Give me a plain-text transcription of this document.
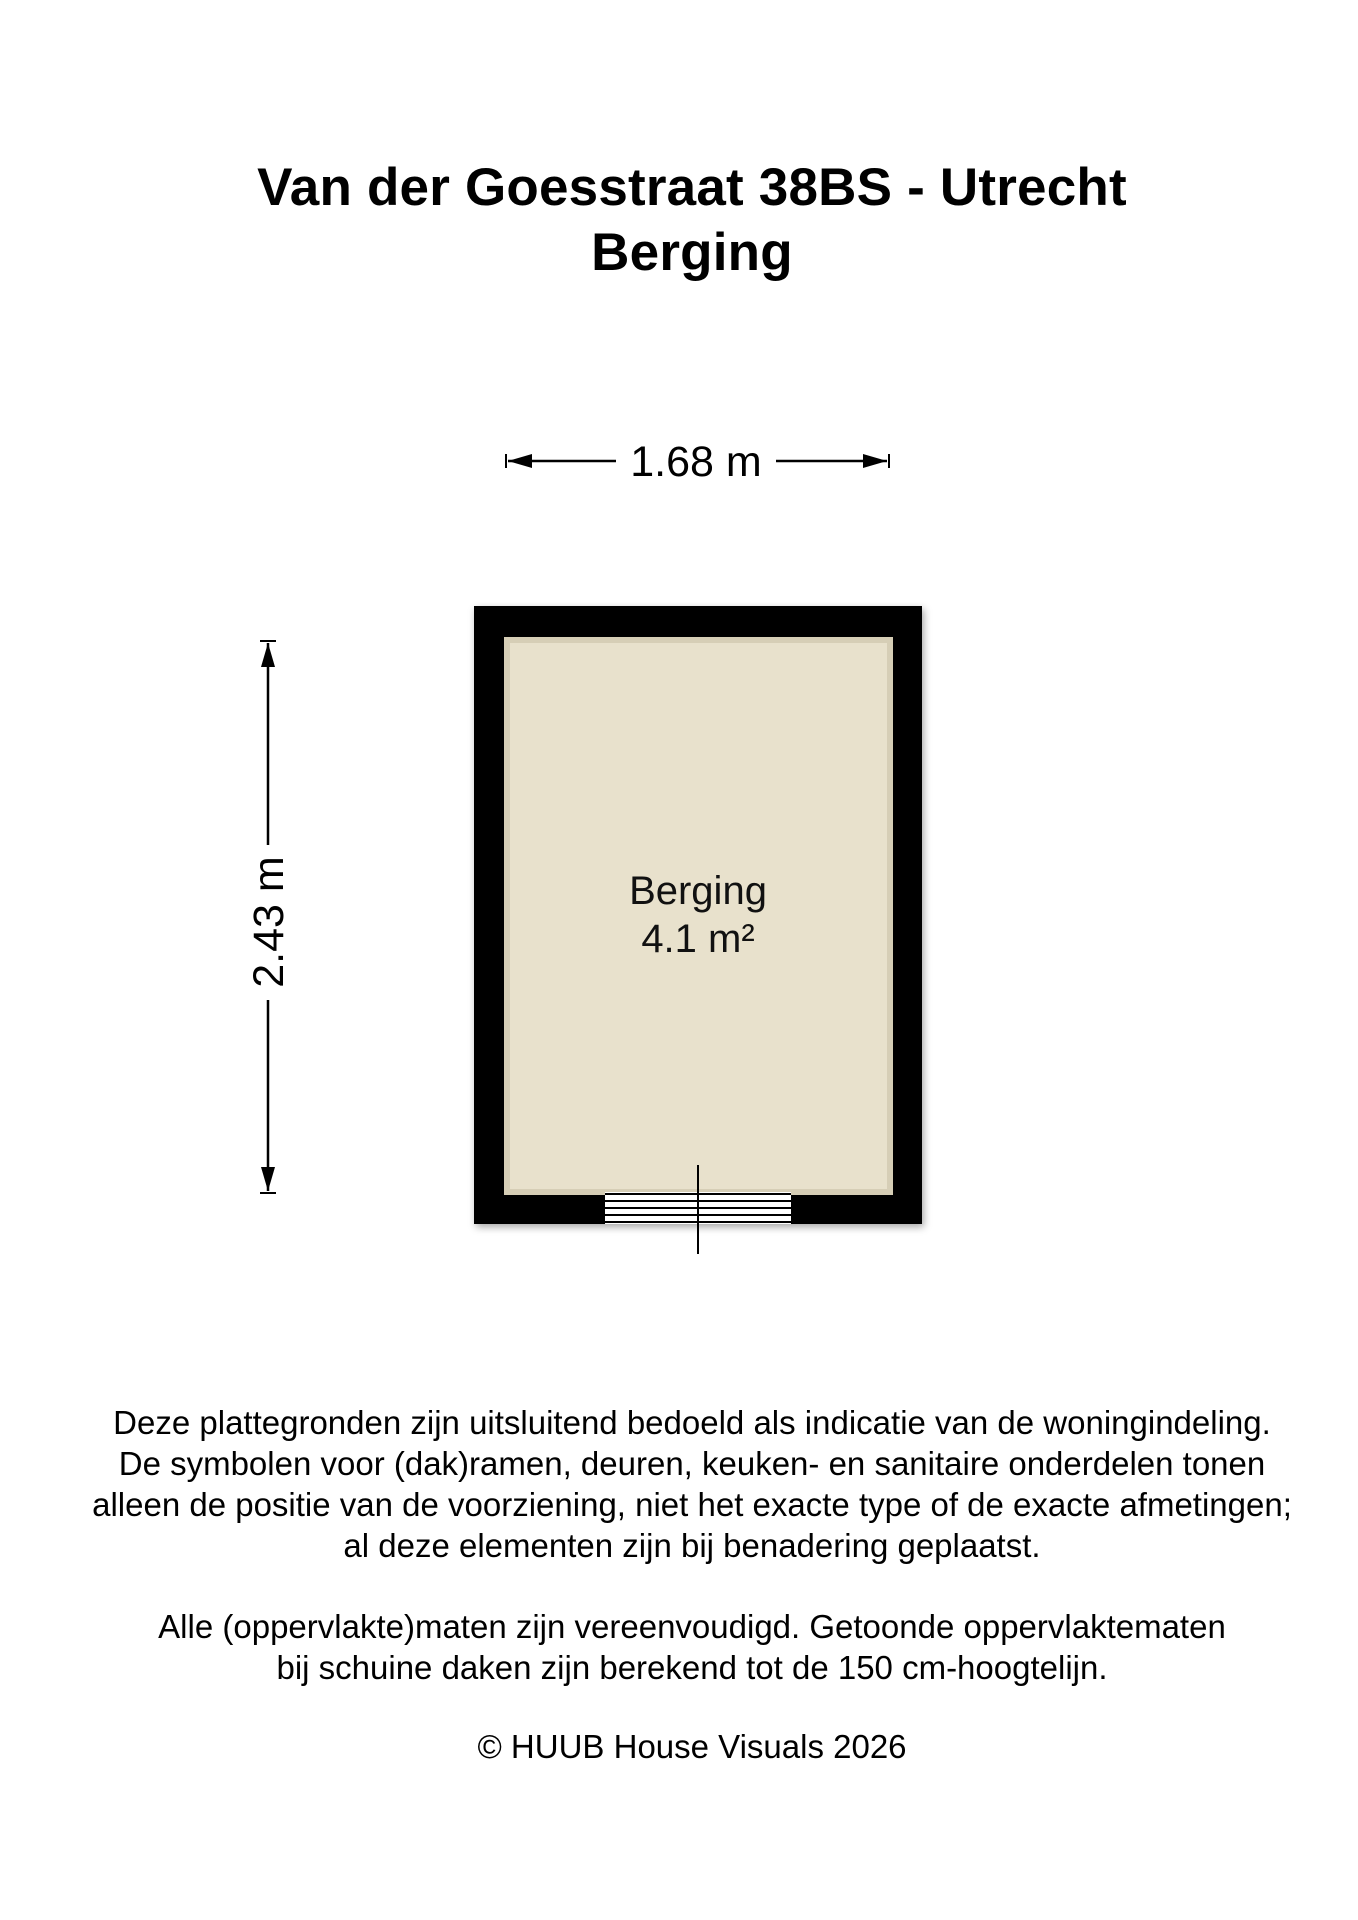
Van der Goesstraat 38BS - Utrecht
Berging
1.68 m
2.43 m	Berging
4.1 m²
Deze plattegronden zijn uitsluitend bedoeld als indicatie van de woningindeling.
De symbolen voor (dak)ramen, deuren, keuken- en sanitaire onderdelen tonen
alleen de positie van de voorziening, niet het exacte type of de exacte afmetingen;
al deze elementen zijn bij benadering geplaatst.
Alle (oppervlakte)maten zijn vereenvoudigd. Getoonde oppervlaktematen
bij schuine daken zijn berekend tot de 150 cm-hoogtelijn.
© HUUB House Visuals 2026
